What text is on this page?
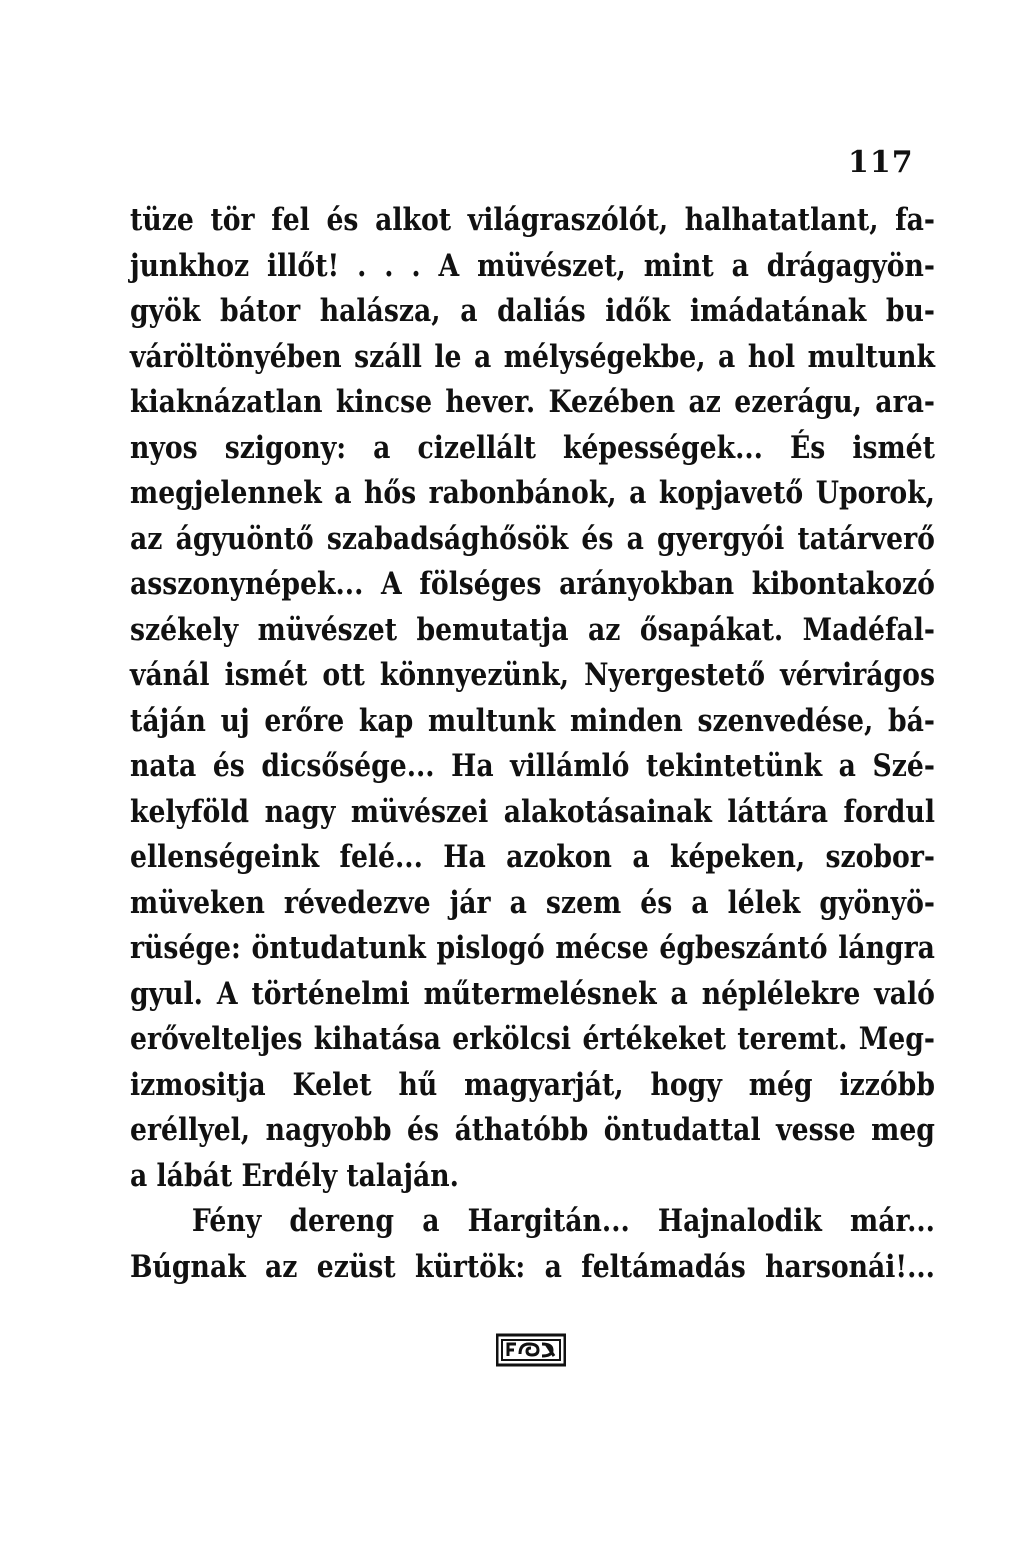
117
tüze tör fel és alkot világraszólót, halhatatlant, fa-
junkhoz illőt! . . . A müvészet, mint a drágagyön-
gyök bátor halásza, a daliás idők imádatának bu-
váröltönyében száll le a mélységekbe, a hol multunk
kiaknázatlan kincse hever. Kezében az ezerágu, ara-
nyos szigony: a cizellált képességek... És ismét
megjelennek a hős rabonbánok, a kopjavető Uporok,
az ágyuöntő szabadsághősök és a gyergyói tatárverő
asszonynépek... A fölséges arányokban kibontakozó
székely müvészet bemutatja az ősapákat. Madéfal-
vánál ismét ott könnyezünk, Nyergestető vérvirágos
táján uj erőre kap multunk minden szenvedése, bá-
nata és dicsősége... Ha villámló tekintetünk a Szé-
kelyföld nagy müvészei alakotásainak láttára fordul
ellenségeink felé... Ha azokon a képeken, szobor-
müveken révedezve jár a szem és a lélek gyönyö-
rüsége: öntudatunk pislogó mécse égbeszántó lángra
gyul. A történelmi műtermelésnek a néplélekre való
erővelteljes kihatása erkölcsi értékeket teremt. Meg-
izmositja Kelet hű magyarját, hogy még izzóbb
eréllyel, nagyobb és áthatóbb öntudattal vesse meg
a lábát Erdély talaján.
Fény dereng a Hargitán... Hajnalodik már...
Búgnak az ezüst kürtök: a feltámadás harsonái!...
